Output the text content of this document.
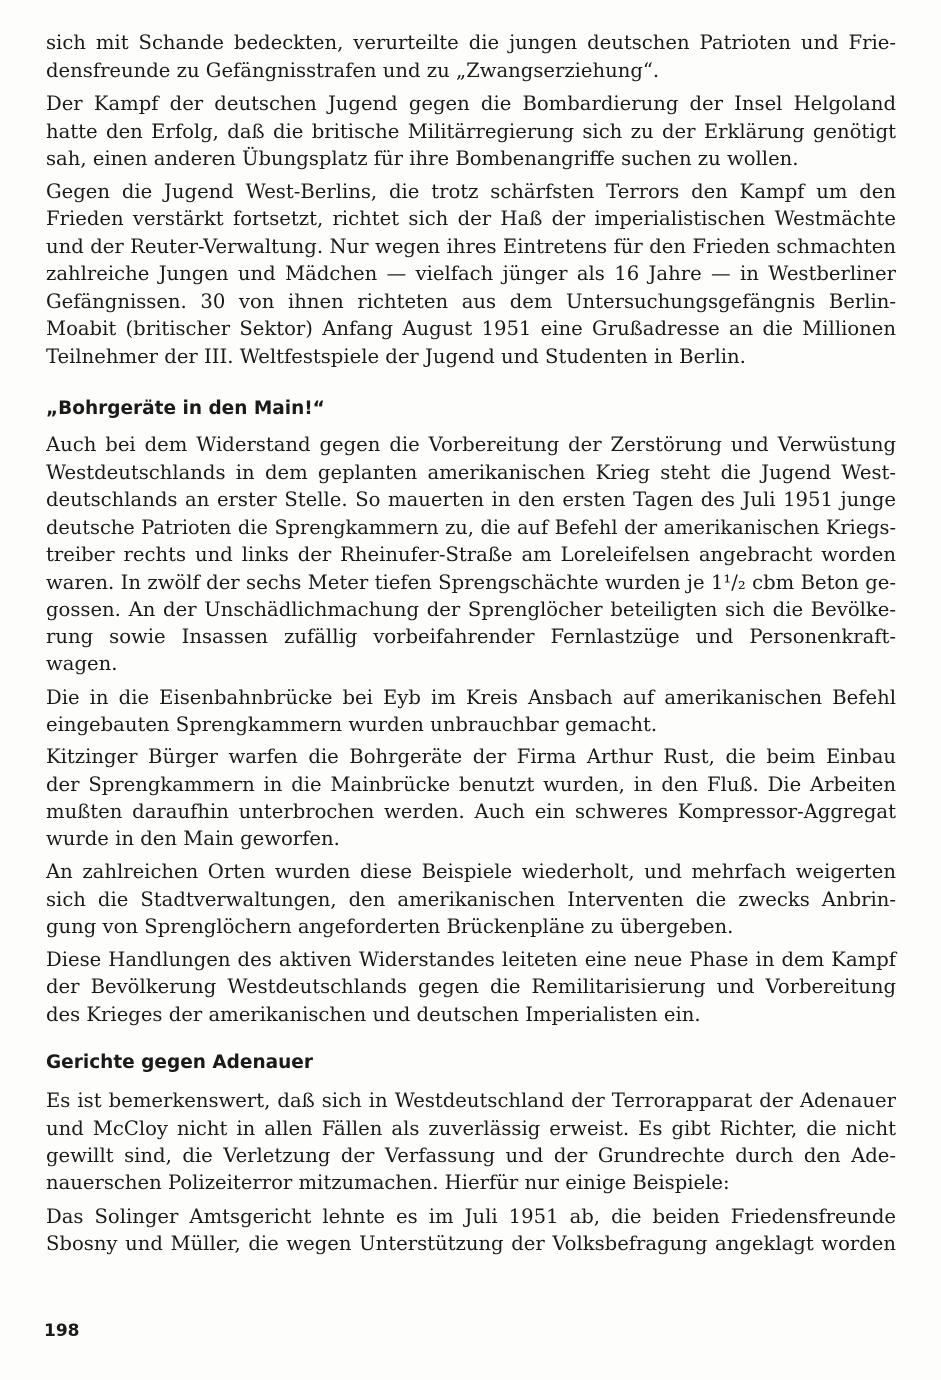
sich mit Schande bedeckten, verurteilte die jungen deutschen Patrioten und Frie-
densfreunde zu Gefängnisstrafen und zu „Zwangserziehung“.
Der Kampf der deutschen Jugend gegen die Bombardierung der Insel Helgoland
hatte den Erfolg, daß die britische Militärregierung sich zu der Erklärung genötigt
sah, einen anderen Übungsplatz für ihre Bombenangriffe suchen zu wollen.
Gegen die Jugend West-Berlins, die trotz schärfsten Terrors den Kampf um den
Frieden verstärkt fortsetzt, richtet sich der Haß der imperialistischen Westmächte
und der Reuter-Verwaltung. Nur wegen ihres Eintretens für den Frieden schmachten
zahlreiche Jungen und Mädchen — vielfach jünger als 16 Jahre — in Westberliner
Gefängnissen. 30 von ihnen richteten aus dem Untersuchungsgefängnis Berlin-
Moabit (britischer Sektor) Anfang August 1951 eine Grußadresse an die Millionen
Teilnehmer der III. Weltfestspiele der Jugend und Studenten in Berlin.
„Bohrgeräte in den Main!“
Auch bei dem Widerstand gegen die Vorbereitung der Zerstörung und Verwüstung
Westdeutschlands in dem geplanten amerikanischen Krieg steht die Jugend West-
deutschlands an erster Stelle. So mauerten in den ersten Tagen des Juli 1951 junge
deutsche Patrioten die Sprengkammern zu, die auf Befehl der amerikanischen Kriegs-
treiber rechts und links der Rheinufer-Straße am Loreleifelsen angebracht worden
waren. In zwölf der sechs Meter tiefen Sprengschächte wurden je 1¹/₂ cbm Beton ge-
gossen. An der Unschädlichmachung der Sprenglöcher beteiligten sich die Bevölke-
rung sowie Insassen zufällig vorbeifahrender Fernlastzüge und Personenkraft-
wagen.
Die in die Eisenbahnbrücke bei Eyb im Kreis Ansbach auf amerikanischen Befehl
eingebauten Sprengkammern wurden unbrauchbar gemacht.
Kitzinger Bürger warfen die Bohrgeräte der Firma Arthur Rust, die beim Einbau
der Sprengkammern in die Mainbrücke benutzt wurden, in den Fluß. Die Arbeiten
mußten daraufhin unterbrochen werden. Auch ein schweres Kompressor-Aggregat
wurde in den Main geworfen.
An zahlreichen Orten wurden diese Beispiele wiederholt, und mehrfach weigerten
sich die Stadtverwaltungen, den amerikanischen Interventen die zwecks Anbrin-
gung von Sprenglöchern angeforderten Brückenpläne zu übergeben.
Diese Handlungen des aktiven Widerstandes leiteten eine neue Phase in dem Kampf
der Bevölkerung Westdeutschlands gegen die Remilitarisierung und Vorbereitung
des Krieges der amerikanischen und deutschen Imperialisten ein.
Gerichte gegen Adenauer
Es ist bemerkenswert, daß sich in Westdeutschland der Terrorapparat der Adenauer
und McCloy nicht in allen Fällen als zuverlässig erweist. Es gibt Richter, die nicht
gewillt sind, die Verletzung der Verfassung und der Grundrechte durch den Ade-
nauerschen Polizeiterror mitzumachen. Hierfür nur einige Beispiele:
Das Solinger Amtsgericht lehnte es im Juli 1951 ab, die beiden Friedensfreunde
Sbosny und Müller, die wegen Unterstützung der Volksbefragung angeklagt worden
198
